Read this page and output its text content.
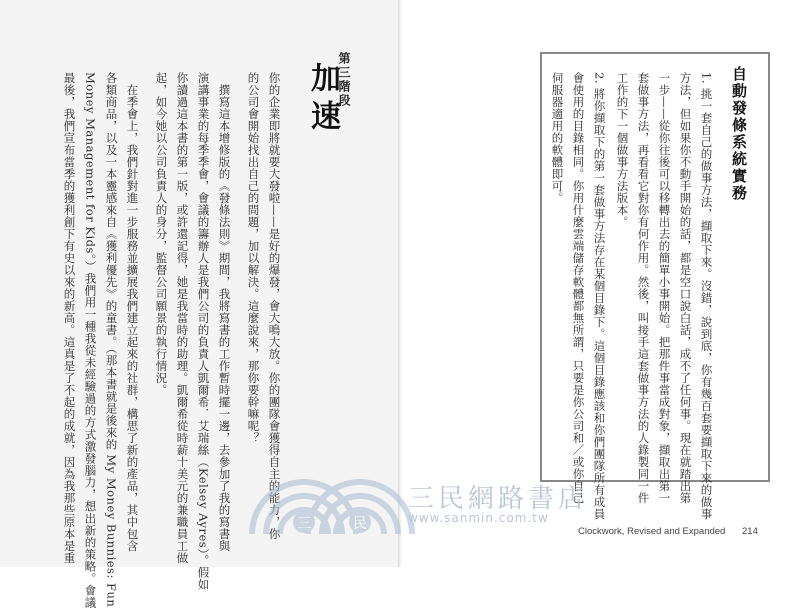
第三階段
加速
你的企業即將就要大發啦——是好的爆發，會大鳴大放。你的團隊會獲得自主的能力，你
的公司會開始找出自己的問題，加以解決。這麼說來，那你要幹嘛呢？
撰寫這本增修版的《發條法則》期間，我將寫書的工作暫時擺一邊，去參加了我的寫書與
演講事業的每季季會，會議的籌辦人是我們公司的負責人凱爾希．艾瑞絲（Kelsey Ayres）。假如
你讀過這本書的第一版，或許還記得，她是我當時的助理。凱爾希從時薪十美元的兼職員工做
起，如今她以公司負責人的身分，監督公司願景的執行情況。
在季會上，我們針對進一步服務並擴展我們建立起來的社群，構思了新的產品，其中包含
各類商品，以及一本靈感來自《獲利優先》的童書。（那本書就是後來的 My Money Bunnies: Fun
Money Management for Kids。）我們用一種我從未經驗過的方式激發腦力，想出新的策略。會議
最後，我們宣布當季的獲利創下有史以來的新高。這真是了不起的成就，因為我那些原本是重	自動發條系統實務
1. 挑一套自己的做事方法，擷取下來。沒錯，說到底，你有幾百套要擷取下來的做事
方法，但如果你不動手開始的話，都是空口說白話，成不了任何事。現在就踏出第
一步——從你往後可以移轉出去的簡單小事開始。把那件事當成對象，擷取出第一
套做事方法，再看看它對你有何作用。然後，叫接手這套做事方法的人錄製同一件
工作的下一個做事方法版本。
2. 將你擷取下的第一套做事方法存在某個目錄下。這個目錄應該和你們團隊所有成員
會使用的目錄相同。你用什麼雲端儲存軟體都無所謂，只要是你公司和／或你自己
伺服器適用的軟體即可。
Clockwork, Revised and Expanded 214
三	民
三民網路書店
www.sanmin.com.tw
